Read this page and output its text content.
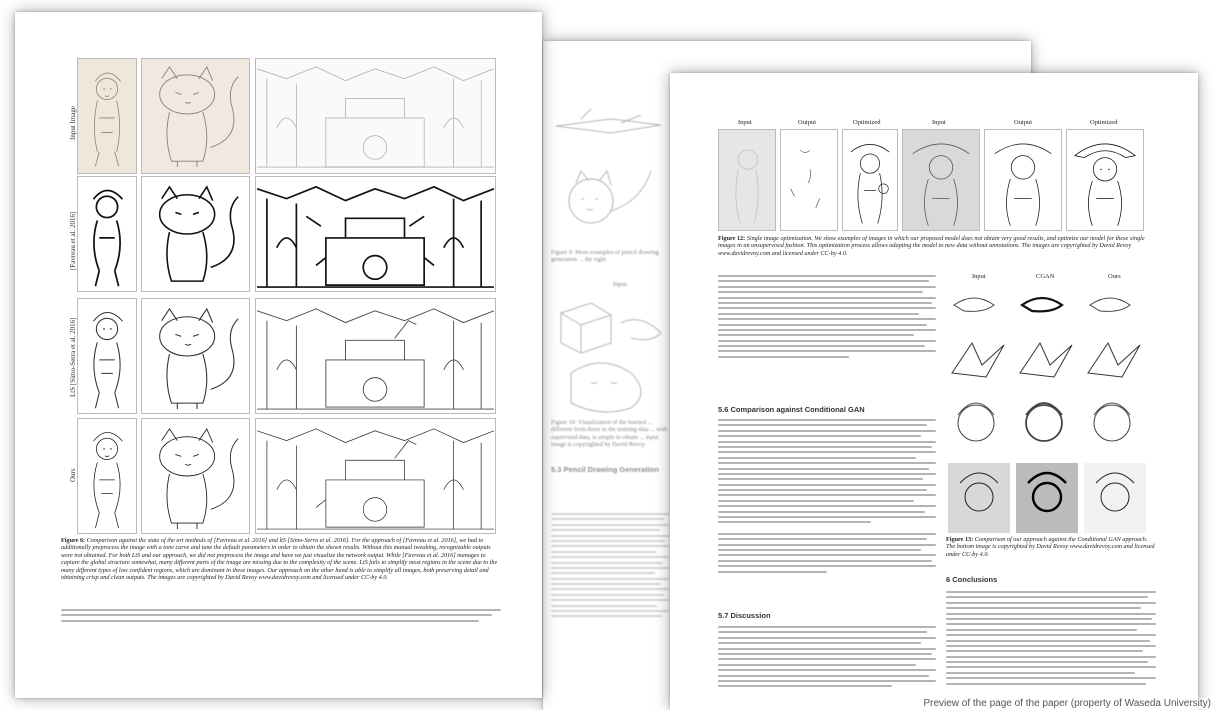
Input Image
[Favreau et al. 2016]
LtS [Simo-Serra et al. 2016]
Ours
Figure 6: Comparison against the state of the art methods of [Favreau et al. 2016] and ltS [Simo-Serra et al. 2016]. For the approach of [Favreau et al. 2016], we had to additionally preprocess the image with a tone curve and tune the default parameters in order to obtain the shown results. Without this manual tweaking, recognizable outputs were not obtained. For both LtS and our approach, we did not preprocess the image and have we just visualize the network output. While [Favreau et al. 2016] manages to capture the global structure somewhat, many different parts of the image are missing due to the complexity of the scene. LtS fails to simplify most regions in the scene due to the many different types of low confident regions, which are dominant in these images. Our approach on the other hand is able to simplify all images, both preserving detail and obtaining crisp and clean outputs. The images are copyrighted by David Revoy www.davidrevoy.com and licensed under CC-by 4.0.
Figure 9: More examples of pencil drawing generation ... the right.
Input
Figure 10: Visualization of the learned ... different from those in the training data ... with supervised data, is simple to obtain ... input image is copyrighted by David Revoy
5.3 Pencil Drawing Generation
Input	Output	Optimized	Input	Output	Optimized
Figure 12: Single image optimization. We show examples of images in which our proposed model does not obtain very good results, and optimize our model for these single images in an unsupervised fashion. This optimization process allows adapting the model to new data without annotations. The images are copyrighted by David Revoy www.davidrevoy.com and licensed under CC-by 4.0.
5.6 Comparison against Conditional GAN
5.7 Discussion
Input	CGAN	Ours
Figure 13: Comparison of our approach against the Conditional GAN approach. The bottom image is copyrighted by David Revoy www.davidrevoy.com and licensed under CC-by 4.0.
6 Conclusions
Preview of the page of the paper (property of Waseda University)
